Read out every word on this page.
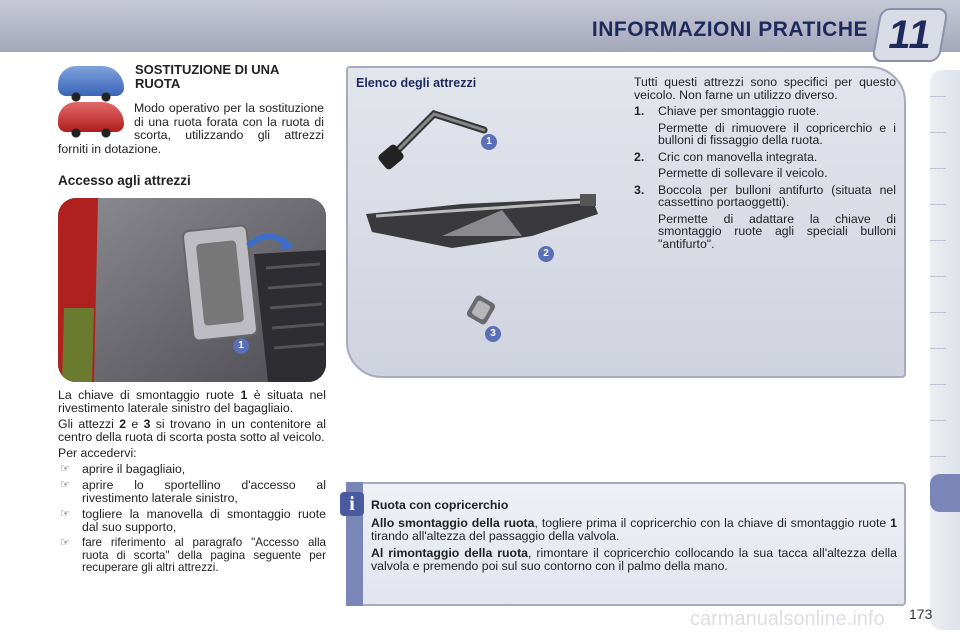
INFORMAZIONI PRATICHE 11
SOSTITUZIONE DI UNA RUOTA
Modo operativo per la sostituzione di una ruota forata con la ruota di scorta, utilizzando gli attrezzi forniti in dotazione.
Accesso agli attrezzi
1

La chiave di smontaggio ruote 1 è situata nel rivestimento laterale sinistro del bagagliaio.

Gli attezzi 2 e 3 si trovano in un contenitore al centro della ruota di scorta posta sotto al veicolo.

Per accedervi:

☞ aprire il bagagliaio,
☞ aprire lo sportellino d'accesso al rivestimento laterale sinistro,
☞ togliere la manovella di smontaggio ruote dal suo supporto,
☞ fare riferimento al paragrafo "Accesso alla ruota di scorta" della pagina seguente per recuperare gli altri attrezzi.
Elenco degli attrezzi
1
2
3

Tutti questi attrezzi sono specifici per questo veicolo. Non farne un utilizzo diverso.

1.	Chiave per smontaggio ruote.
Permette di rimuovere il copricerchio e i bulloni di fissaggio della ruota.
2.	Cric con manovella integrata.
Permette di sollevare il veicolo.
3.	Boccola per bulloni antifurto (situata nel cassettino portaoggetti).
Permette di adattare la chiave di smontaggio ruote agli speciali bulloni "antifurto".
i	Ruota con copricerchio

Allo smontaggio della ruota, togliere prima il copricerchio con la chiave di smontaggio ruote 1 tirando all'altezza del passaggio della valvola.

Al rimontaggio della ruota, rimontare il copricerchio collocando la sua tacca all'altezza della valvola e premendo poi sul suo contorno con il palmo della mano.

carmanualsonline.info 173
